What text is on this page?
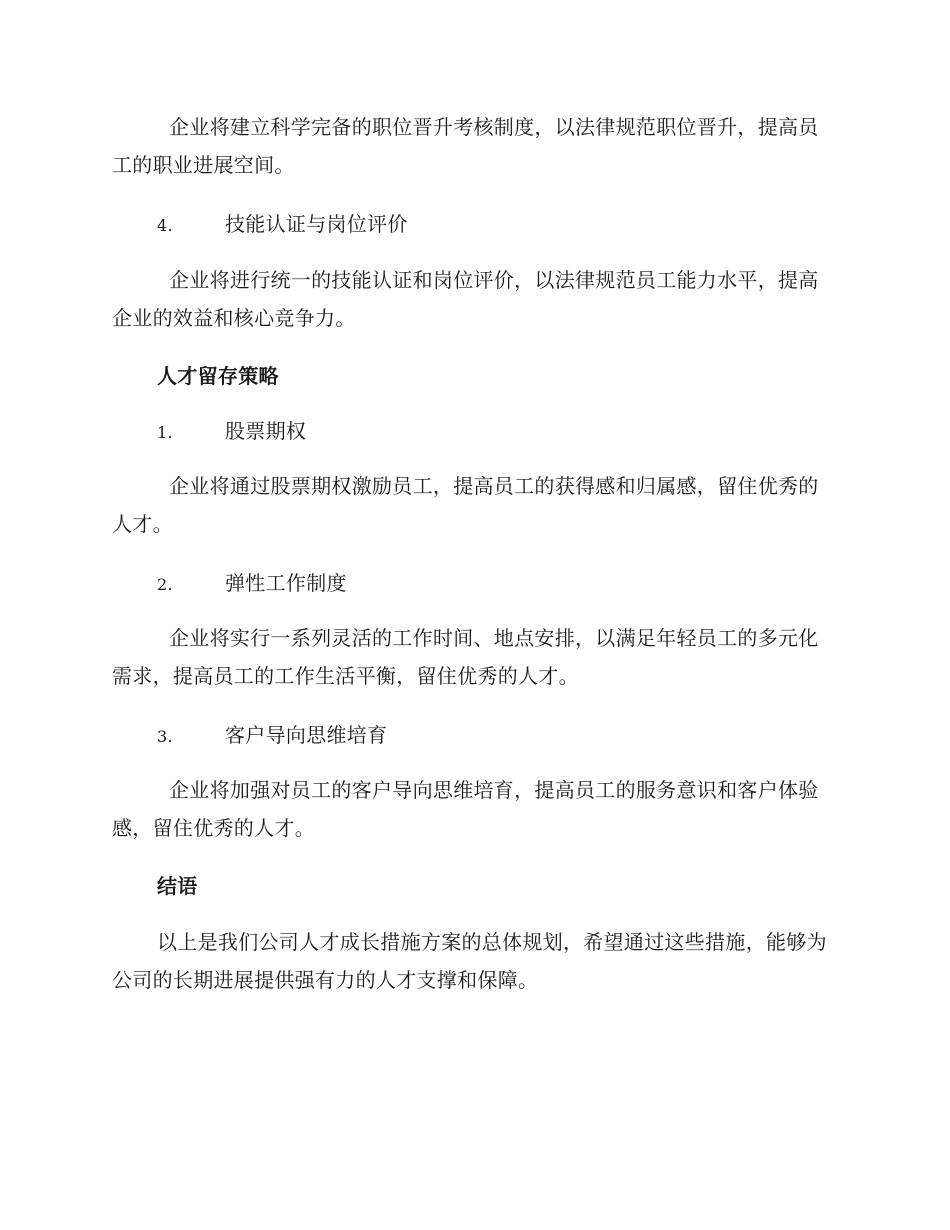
企业将建立科学完备的职位晋升考核制度，以法律规范职位晋升，提高员工的职业进展空间。
4.	技能认证与岗位评价
企业将进行统一的技能认证和岗位评价，以法律规范员工能力水平，提高企业的效益和核心竞争力。
人才留存策略
1.	股票期权
企业将通过股票期权激励员工，提高员工的获得感和归属感，留住优秀的人才。
2.	弹性工作制度
企业将实行一系列灵活的工作时间、地点安排，以满足年轻员工的多元化需求，提高员工的工作生活平衡，留住优秀的人才。
3.	客户导向思维培育
企业将加强对员工的客户导向思维培育，提高员工的服务意识和客户体验感，留住优秀的人才。
结语
以上是我们公司人才成长措施方案的总体规划，希望通过这些措施，能够为公司的长期进展提供强有力的人才支撑和保障。
